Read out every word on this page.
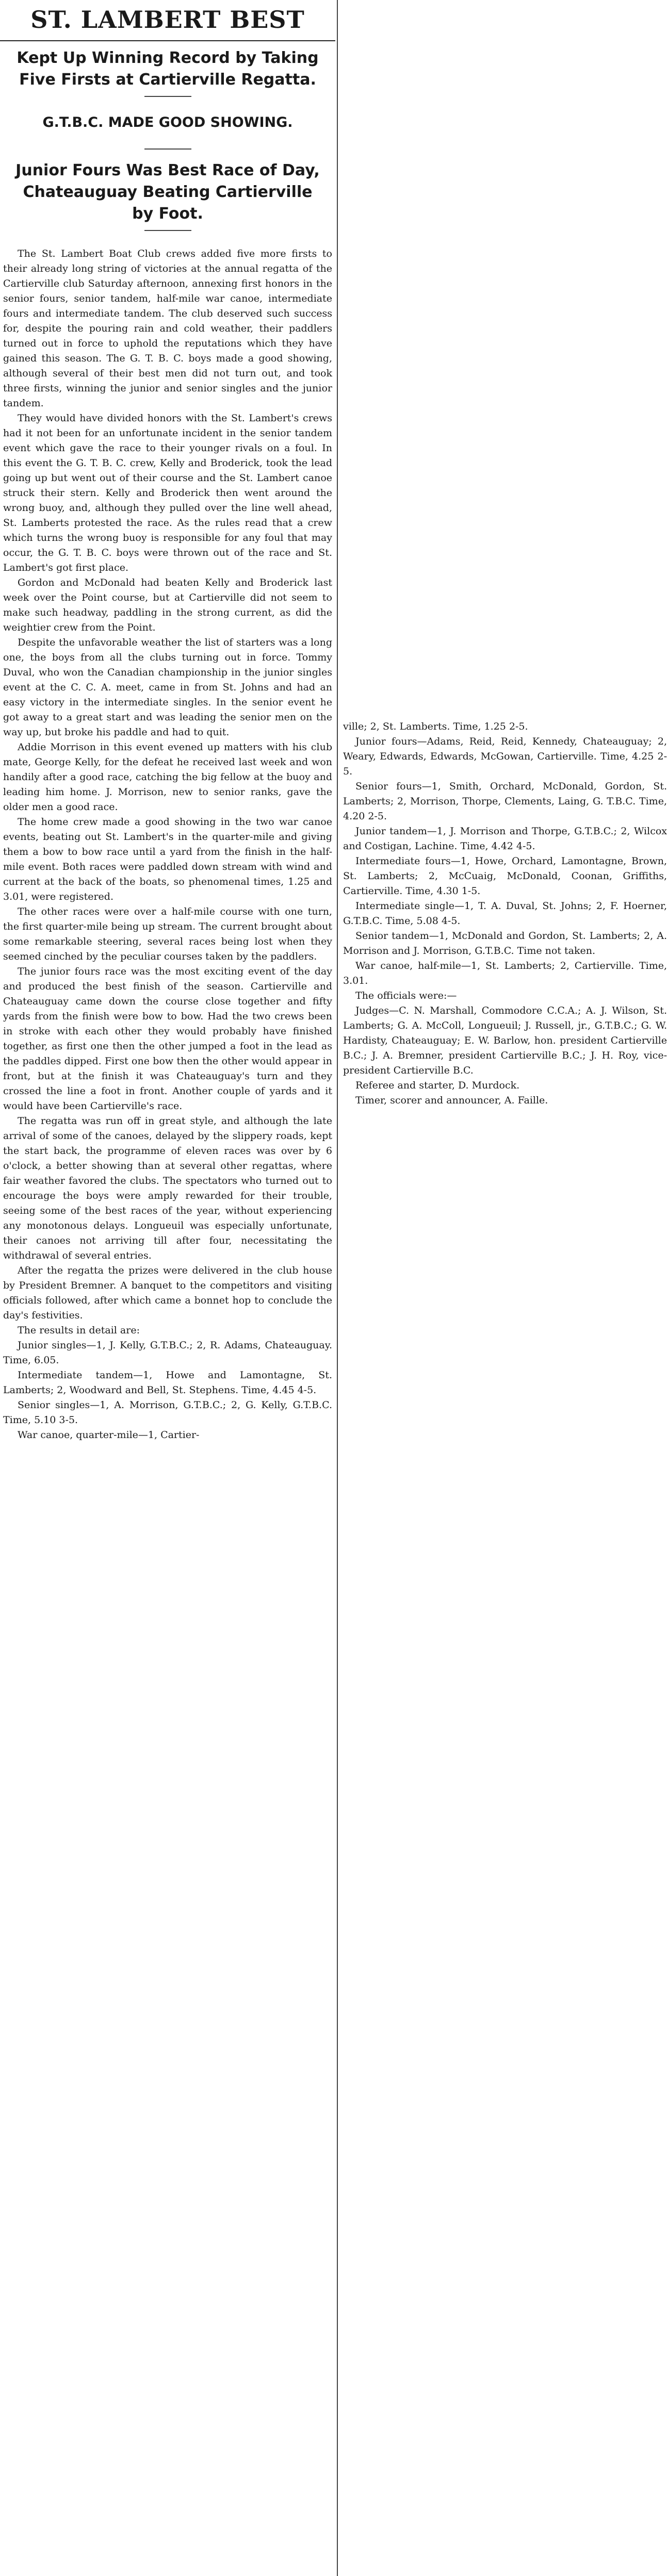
ST. LAMBERT BEST
Kept Up Winning Record by Taking Five Firsts at Cartierville Regatta.
G.T.B.C. MADE GOOD SHOWING.
Junior Fours Was Best Race of Day, Chateauguay Beating Cartierville by Foot.

The St. Lambert Boat Club crews added five more firsts to their already long string of victories at the annual regatta of the Cartierville club Saturday afternoon, annexing first honors in the senior fours, senior tandem, half-mile war canoe, intermediate fours and intermediate tandem. The club deserved such success for, despite the pouring rain and cold weather, their paddlers turned out in force to uphold the reputations which they have gained this season. The G. T. B. C. boys made a good showing, although several of their best men did not turn out, and took three firsts, winning the junior and senior singles and the junior tandem.

They would have divided honors with the St. Lambert's crews had it not been for an unfortunate incident in the senior tandem event which gave the race to their younger rivals on a foul. In this event the G. T. B. C. crew, Kelly and Broderick, took the lead going up but went out of their course and the St. Lambert canoe struck their stern. Kelly and Broderick then went around the wrong buoy, and, although they pulled over the line well ahead, St. Lamberts protested the race. As the rules read that a crew which turns the wrong buoy is responsible for any foul that may occur, the G. T. B. C. boys were thrown out of the race and St. Lambert's got first place.

Gordon and McDonald had beaten Kelly and Broderick last week over the Point course, but at Cartierville did not seem to make such headway, paddling in the strong current, as did the weightier crew from the Point.

Despite the unfavorable weather the list of starters was a long one, the boys from all the clubs turning out in force. Tommy Duval, who won the Canadian championship in the junior singles event at the C. C. A. meet, came in from St. Johns and had an easy victory in the intermediate singles. In the senior event he got away to a great start and was leading the senior men on the way up, but broke his paddle and had to quit.

Addie Morrison in this event evened up matters with his club mate, George Kelly, for the defeat he received last week and won handily after a good race, catching the big fellow at the buoy and leading him home. J. Morrison, new to senior ranks, gave the older men a good race.

The home crew made a good showing in the two war canoe events, beating out St. Lambert's in the quarter-mile and giving them a bow to bow race until a yard from the finish in the half-mile event. Both races were paddled down stream with wind and current at the back of the boats, so phenomenal times, 1.25 and 3.01, were registered.

The other races were over a half-mile course with one turn, the first quarter-mile being up stream. The current brought about some remarkable steering, several races being lost when they seemed cinched by the peculiar courses taken by the paddlers.

The junior fours race was the most exciting event of the day and produced the best finish of the season. Cartierville and Chateauguay came down the course close together and fifty yards from the finish were bow to bow. Had the two crews been in stroke with each other they would probably have finished together, as first one then the other jumped a foot in the lead as the paddles dipped. First one bow then the other would appear in front, but at the finish it was Chateauguay's turn and they crossed the line a foot in front. Another couple of yards and it would have been Cartierville's race.

The regatta was run off in great style, and although the late arrival of some of the canoes, delayed by the slippery roads, kept the start back, the programme of eleven races was over by 6 o'clock, a better showing than at several other regattas, where fair weather favored the clubs. The spectators who turned out to encourage the boys were amply rewarded for their trouble, seeing some of the best races of the year, without experiencing any monotonous delays. Longueuil was especially unfortunate, their canoes not arriving till after four, necessitating the withdrawal of several entries.

After the regatta the prizes were delivered in the club house by President Bremner. A banquet to the competitors and visiting officials followed, after which came a bonnet hop to conclude the day's festivities.

The results in detail are:

Junior singles—1, J. Kelly, G.T.B.C.; 2, R. Adams, Chateauguay. Time, 6.05.

Intermediate tandem—1, Howe and Lamontagne, St. Lamberts; 2, Woodward and Bell, St. Stephens. Time, 4.45 4-5.

Senior singles—1, A. Morrison, G.T.B.C.; 2, G. Kelly, G.T.B.C. Time, 5.10 3-5.

War canoe, quarter-mile—1, Cartier-

ville; 2, St. Lamberts. Time, 1.25 2-5.

Junior fours—Adams, Reid, Reid, Kennedy, Chateauguay; 2, Weary, Edwards, Edwards, McGowan, Cartierville. Time, 4.25 2-5.

Senior fours—1, Smith, Orchard, McDonald, Gordon, St. Lamberts; 2, Morrison, Thorpe, Clements, Laing, G. T.B.C. Time, 4.20 2-5.

Junior tandem—1, J. Morrison and Thorpe, G.T.B.C.; 2, Wilcox and Costigan, Lachine. Time, 4.42 4-5.

Intermediate fours—1, Howe, Orchard, Lamontagne, Brown, St. Lamberts; 2, McCuaig, McDonald, Coonan, Griffiths, Cartierville. Time, 4.30 1-5.

Intermediate single—1, T. A. Duval, St. Johns; 2, F. Hoerner, G.T.B.C. Time, 5.08 4-5.

Senior tandem—1, McDonald and Gordon, St. Lamberts; 2, A. Morrison and J. Morrison, G.T.B.C. Time not taken.

War canoe, half-mile—1, St. Lamberts; 2, Cartierville. Time, 3.01.

The officials were:—

Judges—C. N. Marshall, Commodore C.C.A.; A. J. Wilson, St. Lamberts; G. A. McColl, Longueuil; J. Russell, jr., G.T.B.C.; G. W. Hardisty, Chateauguay; E. W. Barlow, hon. president Cartierville B.C.; J. A. Bremner, president Cartierville B.C.; J. H. Roy, vice-president Cartierville B.C.

Referee and starter, D. Murdock.

Timer, scorer and announcer, A. Faille.
